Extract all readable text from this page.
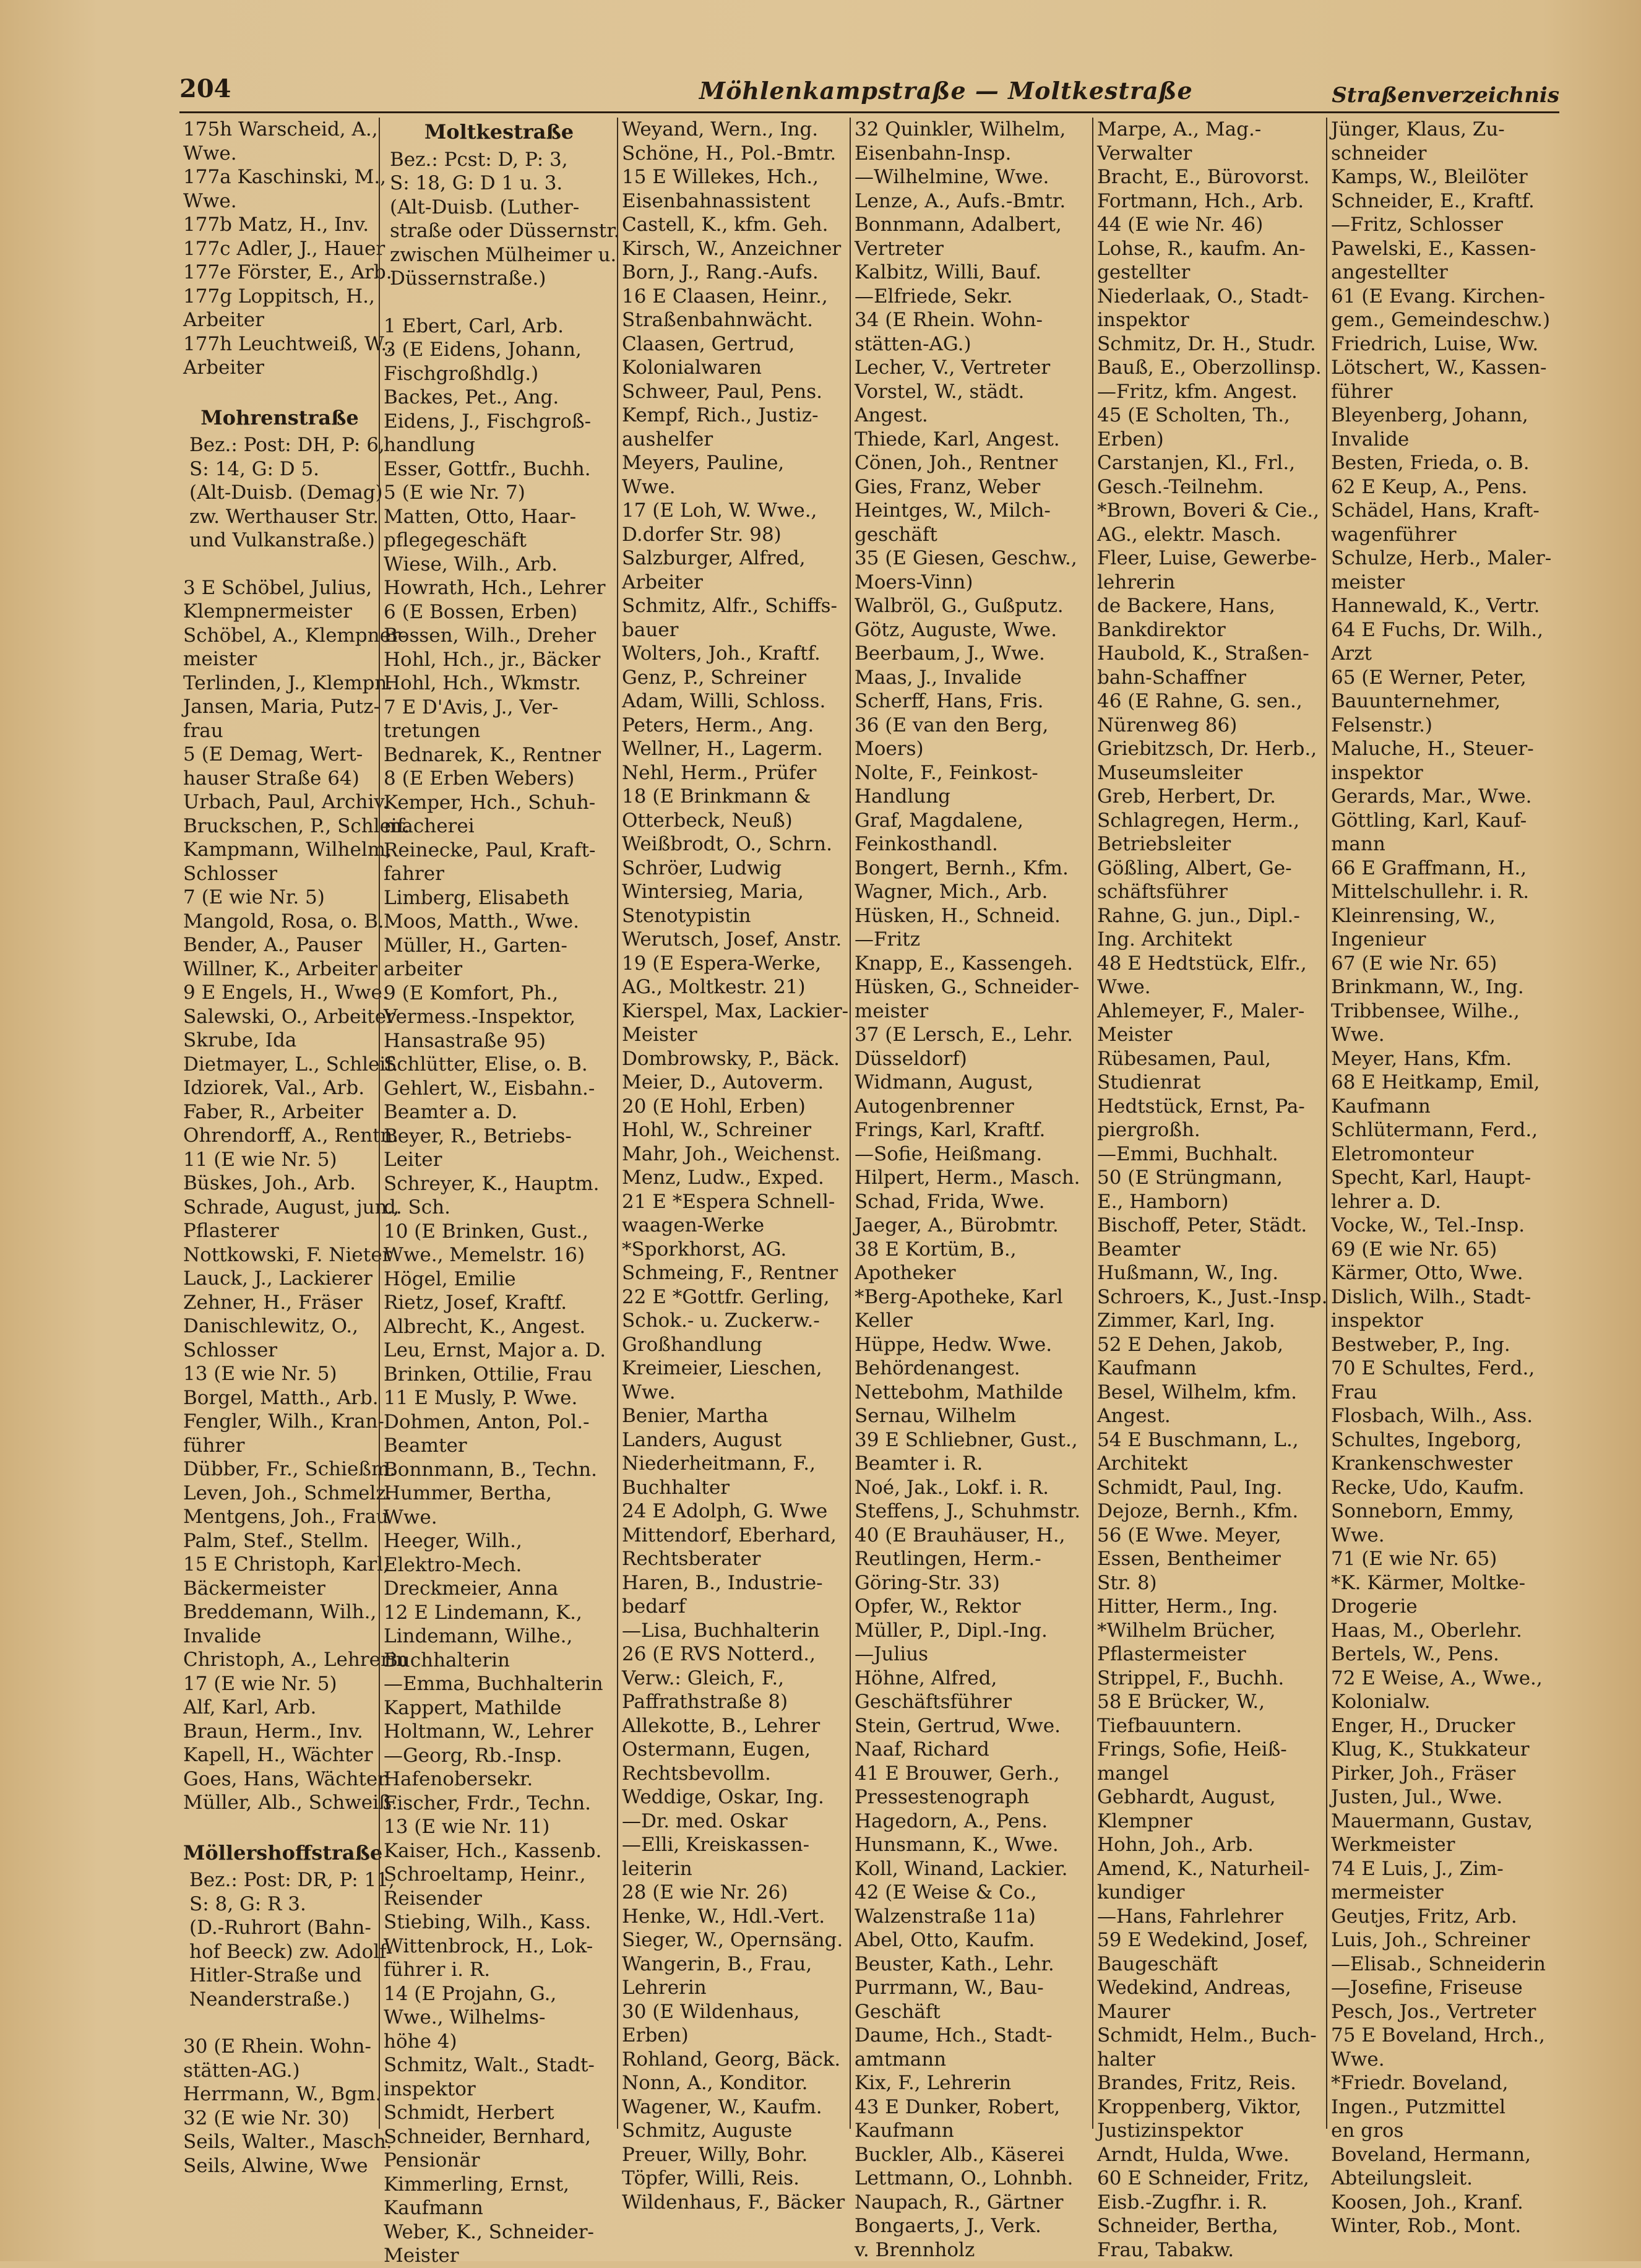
204	Möhlenkampstraße — Moltkestraße	Straßenverzeichnis
175h Warscheid, A.,
Wwe.
177a Kaschinski, M.,
Wwe.
177b Matz, H., Inv.
177c Adler, J., Hauer
177e Förster, E., Arb.
177g Loppitsch, H.,
Arbeiter
177h Leuchtweiß, W.,
Arbeiter
Mohrenstraße
Bez.: Post: DH, P: 6,
S: 14, G: D 5.
(Alt-Duisb. (Demag)
zw. Werthauser Str.
und Vulkanstraße.)
3 E Schöbel, Julius,
Klempnermeister
Schöbel, A., Klempner-
meister
Terlinden, J., Klempn.
Jansen, Maria, Putz-
frau
5 (E Demag, Wert-
hauser Straße 64)
Urbach, Paul, Archiv.
Bruckschen, P., Schleif.
Kampmann, Wilhelm,
Schlosser
7 (E wie Nr. 5)
Mangold, Rosa, o. B.
Bender, A., Pauser
Willner, K., Arbeiter
9 E Engels, H., Wwe.
Salewski, O., Arbeiter
Skrube, Ida
Dietmayer, L., Schleif.
Idziorek, Val., Arb.
Faber, R., Arbeiter
Ohrendorff, A., Rentn.
11 (E wie Nr. 5)
Büskes, Joh., Arb.
Schrade, August, jun.,
Pflasterer
Nottkowski, F. Nieter
Lauck, J., Lackierer
Zehner, H., Fräser
Danischlewitz, O.,
Schlosser
13 (E wie Nr. 5)
Borgel, Matth., Arb.
Fengler, Wilh., Kran-
führer
Dübber, Fr., Schießm.
Leven, Joh., Schmelz.
Mentgens, Joh., Frau
Palm, Stef., Stellm.
15 E Christoph, Karl,
Bäckermeister
Breddemann, Wilh.,
Invalide
Christoph, A., Lehrerin
17 (E wie Nr. 5)
Alf, Karl, Arb.
Braun, Herm., Inv.
Kapell, H., Wächter
Goes, Hans, Wächter
Müller, Alb., Schweiß.
Möllershoffstraße
Bez.: Post: DR, P: 11,
S: 8, G: R 3.
(D.-Ruhrort (Bahn-
hof Beeck) zw. Adolf-
Hitler-Straße und
Neanderstraße.)
30 (E Rhein. Wohn-
stätten-AG.)
Herrmann, W., Bgm.
32 (E wie Nr. 30)
Seils, Walter., Masch.
Seils, Alwine, Wwe
Moltkestraße
Bez.: Pcst: D, P: 3,
S: 18, G: D 1 u. 3.
(Alt-Duisb. (Luther-
straße oder Düssernstr.
zwischen Mülheimer u.
Düssernstraße.)
1 Ebert, Carl, Arb.
3 (E Eidens, Johann,
Fischgroßhdlg.)
Backes, Pet., Ang.
Eidens, J., Fischgroß-
handlung
Esser, Gottfr., Buchh.
5 (E wie Nr. 7)
Matten, Otto, Haar-
pflegegeschäft
Wiese, Wilh., Arb.
Howrath, Hch., Lehrer
6 (E Bossen, Erben)
Bossen, Wilh., Dreher
Hohl, Hch., jr., Bäcker
Hohl, Hch., Wkmstr.
7 E D'Avis, J., Ver-
tretungen
Bednarek, K., Rentner
8 (E Erben Webers)
Kemper, Hch., Schuh-
macherei
Reinecke, Paul, Kraft-
fahrer
Limberg, Elisabeth
Moos, Matth., Wwe.
Müller, H., Garten-
arbeiter
9 (E Komfort, Ph.,
Vermess.-Inspektor,
Hansastraße 95)
Schlütter, Elise, o. B.
Gehlert, W., Eisbahn.-
Beamter a. D.
Beyer, R., Betriebs-
Leiter
Schreyer, K., Hauptm.
d. Sch.
10 (E Brinken, Gust.,
Wwe., Memelstr. 16)
Högel, Emilie
Rietz, Josef, Kraftf.
Albrecht, K., Angest.
Leu, Ernst, Major a. D.
Brinken, Ottilie, Frau
11 E Musly, P. Wwe.
Dohmen, Anton, Pol.-
Beamter
Bonnmann, B., Techn.
Hummer, Bertha,
Wwe.
Heeger, Wilh.,
Elektro-Mech.
Dreckmeier, Anna
12 E Lindemann, K.,
Lindemann, Wilhe.,
Buchhalterin
—Emma, Buchhalterin
Kappert, Mathilde
Holtmann, W., Lehrer
—Georg, Rb.-Insp.
Hafenobersekr.
Fischer, Frdr., Techn.
13 (E wie Nr. 11)
Kaiser, Hch., Kassenb.
Schroeltamp, Heinr.,
Reisender
Stiebing, Wilh., Kass.
Wittenbrock, H., Lok-
führer i. R.
14 (E Projahn, G.,
Wwe., Wilhelms-
höhe 4)
Schmitz, Walt., Stadt-
inspektor
Schmidt, Herbert
Schneider, Bernhard,
Pensionär
Kimmerling, Ernst,
Kaufmann
Weber, K., Schneider-
Meister
Weyand, Wern., Ing.
Schöne, H., Pol.-Bmtr.
15 E Willekes, Hch.,
Eisenbahnassistent
Castell, K., kfm. Geh.
Kirsch, W., Anzeichner
Born, J., Rang.-Aufs.
16 E Claasen, Heinr.,
Straßenbahnwächt.
Claasen, Gertrud,
Kolonialwaren
Schweer, Paul, Pens.
Kempf, Rich., Justiz-
aushelfer
Meyers, Pauline,
Wwe.
17 (E Loh, W. Wwe.,
D.dorfer Str. 98)
Salzburger, Alfred,
Arbeiter
Schmitz, Alfr., Schiffs-
bauer
Wolters, Joh., Kraftf.
Genz, P., Schreiner
Adam, Willi, Schloss.
Peters, Herm., Ang.
Wellner, H., Lagerm.
Nehl, Herm., Prüfer
18 (E Brinkmann &
Otterbeck, Neuß)
Weißbrodt, O., Schrn.
Schröer, Ludwig
Wintersieg, Maria,
Stenotypistin
Werutsch, Josef, Anstr.
19 (E Espera-Werke,
AG., Moltkestr. 21)
Kierspel, Max, Lackier-
Meister
Dombrowsky, P., Bäck.
Meier, D., Autoverm.
20 (E Hohl, Erben)
Hohl, W., Schreiner
Mahr, Joh., Weichenst.
Menz, Ludw., Exped.
21 E *Espera Schnell-
waagen-Werke
*Sporkhorst, AG.
Schmeing, F., Rentner
22 E *Gottfr. Gerling,
Schok.- u. Zuckerw.-
Großhandlung
Kreimeier, Lieschen,
Wwe.
Benier, Martha
Landers, August
Niederheitmann, F.,
Buchhalter
24 E Adolph, G. Wwe
Mittendorf, Eberhard,
Rechtsberater
Haren, B., Industrie-
bedarf
—Lisa, Buchhalterin
26 (E RVS Notterd.,
Verw.: Gleich, F.,
Paffrathstraße 8)
Allekotte, B., Lehrer
Ostermann, Eugen,
Rechtsbevollm.
Weddige, Oskar, Ing.
—Dr. med. Oskar
—Elli, Kreiskassen-
leiterin
28 (E wie Nr. 26)
Henke, W., Hdl.-Vert.
Sieger, W., Opernsäng.
Wangerin, B., Frau,
Lehrerin
30 (E Wildenhaus,
Erben)
Rohland, Georg, Bäck.
Nonn, A., Konditor.
Wagener, W., Kaufm.
Schmitz, Auguste
Preuer, Willy, Bohr.
Töpfer, Willi, Reis.
Wildenhaus, F., Bäcker
32 Quinkler, Wilhelm,
Eisenbahn-Insp.
—Wilhelmine, Wwe.
Lenze, A., Aufs.-Bmtr.
Bonnmann, Adalbert,
Vertreter
Kalbitz, Willi, Bauf.
—Elfriede, Sekr.
34 (E Rhein. Wohn-
stätten-AG.)
Lecher, V., Vertreter
Vorstel, W., städt.
Angest.
Thiede, Karl, Angest.
Cönen, Joh., Rentner
Gies, Franz, Weber
Heintges, W., Milch-
geschäft
35 (E Giesen, Geschw.,
Moers-Vinn)
Walbröl, G., Gußputz.
Götz, Auguste, Wwe.
Beerbaum, J., Wwe.
Maas, J., Invalide
Scherff, Hans, Fris.
36 (E van den Berg,
Moers)
Nolte, F., Feinkost-
Handlung
Graf, Magdalene,
Feinkosthandl.
Bongert, Bernh., Kfm.
Wagner, Mich., Arb.
Hüsken, H., Schneid.
—Fritz
Knapp, E., Kassengeh.
Hüsken, G., Schneider-
meister
37 (E Lersch, E., Lehr.
Düsseldorf)
Widmann, August,
Autogenbrenner
Frings, Karl, Kraftf.
—Sofie, Heißmang.
Hilpert, Herm., Masch.
Schad, Frida, Wwe.
Jaeger, A., Bürobmtr.
38 E Kortüm, B.,
Apotheker
*Berg-Apotheke, Karl
Keller
Hüppe, Hedw. Wwe.
Behördenangest.
Nettebohm, Mathilde
Sernau, Wilhelm
39 E Schliebner, Gust.,
Beamter i. R.
Noé, Jak., Lokf. i. R.
Steffens, J., Schuhmstr.
40 (E Brauhäuser, H.,
Reutlingen, Herm.-
Göring-Str. 33)
Opfer, W., Rektor
Müller, P., Dipl.-Ing.
—Julius
Höhne, Alfred,
Geschäftsführer
Stein, Gertrud, Wwe.
Naaf, Richard
41 E Brouwer, Gerh.,
Pressestenograph
Hagedorn, A., Pens.
Hunsmann, K., Wwe.
Koll, Winand, Lackier.
42 (E Weise & Co.,
Walzenstraße 11a)
Abel, Otto, Kaufm.
Beuster, Kath., Lehr.
Purrmann, W., Bau-
Geschäft
Daume, Hch., Stadt-
amtmann
Kix, F., Lehrerin
43 E Dunker, Robert,
Kaufmann
Buckler, Alb., Käserei
Lettmann, O., Lohnbh.
Naupach, R., Gärtner
Bongaerts, J., Verk.
v. Brennholz
Marpe, A., Mag.-
Verwalter
Bracht, E., Bürovorst.
Fortmann, Hch., Arb.
44 (E wie Nr. 46)
Lohse, R., kaufm. An-
gestellter
Niederlaak, O., Stadt-
inspektor
Schmitz, Dr. H., Studr.
Bauß, E., Oberzollinsp.
—Fritz, kfm. Angest.
45 (E Scholten, Th.,
Erben)
Carstanjen, Kl., Frl.,
Gesch.-Teilnehm.
*Brown, Boveri & Cie.,
AG., elektr. Masch.
Fleer, Luise, Gewerbe-
lehrerin
de Backere, Hans,
Bankdirektor
Haubold, K., Straßen-
bahn-Schaffner
46 (E Rahne, G. sen.,
Nürenweg 86)
Griebitzsch, Dr. Herb.,
Museumsleiter
Greb, Herbert, Dr.
Schlagregen, Herm.,
Betriebsleiter
Gößling, Albert, Ge-
schäftsführer
Rahne, G. jun., Dipl.-
Ing. Architekt
48 E Hedtstück, Elfr.,
Wwe.
Ahlemeyer, F., Maler-
Meister
Rübesamen, Paul,
Studienrat
Hedtstück, Ernst, Pa-
piergroßh.
—Emmi, Buchhalt.
50 (E Strüngmann,
E., Hamborn)
Bischoff, Peter, Städt.
Beamter
Hußmann, W., Ing.
Schroers, K., Just.-Insp.
Zimmer, Karl, Ing.
52 E Dehen, Jakob,
Kaufmann
Besel, Wilhelm, kfm.
Angest.
54 E Buschmann, L.,
Architekt
Schmidt, Paul, Ing.
Dejoze, Bernh., Kfm.
56 (E Wwe. Meyer,
Essen, Bentheimer
Str. 8)
Hitter, Herm., Ing.
*Wilhelm Brücher,
Pflastermeister
Strippel, F., Buchh.
58 E Brücker, W.,
Tiefbauuntern.
Frings, Sofie, Heiß-
mangel
Gebhardt, August,
Klempner
Hohn, Joh., Arb.
Amend, K., Naturheil-
kundiger
—Hans, Fahrlehrer
59 E Wedekind, Josef,
Baugeschäft
Wedekind, Andreas,
Maurer
Schmidt, Helm., Buch-
halter
Brandes, Fritz, Reis.
Kroppenberg, Viktor,
Justizinspektor
Arndt, Hulda, Wwe.
60 E Schneider, Fritz,
Eisb.-Zugfhr. i. R.
Schneider, Bertha,
Frau, Tabakw.
Jünger, Klaus, Zu-
schneider
Kamps, W., Bleilöter
Schneider, E., Kraftf.
—Fritz, Schlosser
Pawelski, E., Kassen-
angestellter
61 (E Evang. Kirchen-
gem., Gemeindeschw.)
Friedrich, Luise, Ww.
Lötschert, W., Kassen-
führer
Bleyenberg, Johann,
Invalide
Besten, Frieda, o. B.
62 E Keup, A., Pens.
Schädel, Hans, Kraft-
wagenführer
Schulze, Herb., Maler-
meister
Hannewald, K., Vertr.
64 E Fuchs, Dr. Wilh.,
Arzt
65 (E Werner, Peter,
Bauunternehmer,
Felsenstr.)
Maluche, H., Steuer-
inspektor
Gerards, Mar., Wwe.
Göttling, Karl, Kauf-
mann
66 E Graffmann, H.,
Mittelschullehr. i. R.
Kleinrensing, W.,
Ingenieur
67 (E wie Nr. 65)
Brinkmann, W., Ing.
Tribbensee, Wilhe.,
Wwe.
Meyer, Hans, Kfm.
68 E Heitkamp, Emil,
Kaufmann
Schlütermann, Ferd.,
Eletromonteur
Specht, Karl, Haupt-
lehrer a. D.
Vocke, W., Tel.-Insp.
69 (E wie Nr. 65)
Kärmer, Otto, Wwe.
Dislich, Wilh., Stadt-
inspektor
Bestweber, P., Ing.
70 E Schultes, Ferd.,
Frau
Flosbach, Wilh., Ass.
Schultes, Ingeborg,
Krankenschwester
Recke, Udo, Kaufm.
Sonneborn, Emmy,
Wwe.
71 (E wie Nr. 65)
*K. Kärmer, Moltke-
Drogerie
Haas, M., Oberlehr.
Bertels, W., Pens.
72 E Weise, A., Wwe.,
Kolonialw.
Enger, H., Drucker
Klug, K., Stukkateur
Pirker, Joh., Fräser
Justen, Jul., Wwe.
Mauermann, Gustav,
Werkmeister
74 E Luis, J., Zim-
mermeister
Geutjes, Fritz, Arb.
Luis, Joh., Schreiner
—Elisab., Schneiderin
—Josefine, Friseuse
Pesch, Jos., Vertreter
75 E Boveland, Hrch.,
Wwe.
*Friedr. Boveland,
Ingen., Putzmittel
en gros
Boveland, Hermann,
Abteilungsleit.
Koosen, Joh., Kranf.
Winter, Rob., Mont.
